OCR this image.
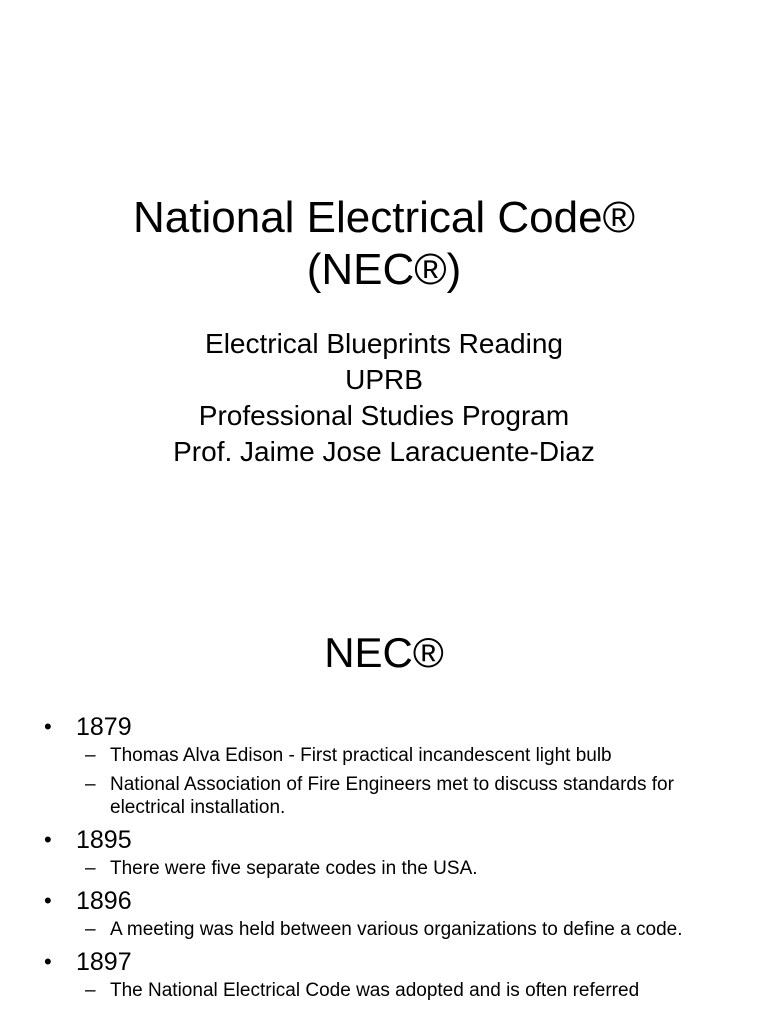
National Electrical Code®
(NEC®)
Electrical Blueprints Reading
UPRB
Professional Studies Program
Prof. Jaime Jose Laracuente-Diaz
NEC®
• 1879
– Thomas Alva Edison - First practical incandescent light bulb
– National Association of Fire Engineers met to discuss standards for electrical installation.
• 1895
– There were five separate codes in the USA.
• 1896
– A meeting was held between various organizations to define a code.
• 1897
– The National Electrical Code was adopted and is often referred
